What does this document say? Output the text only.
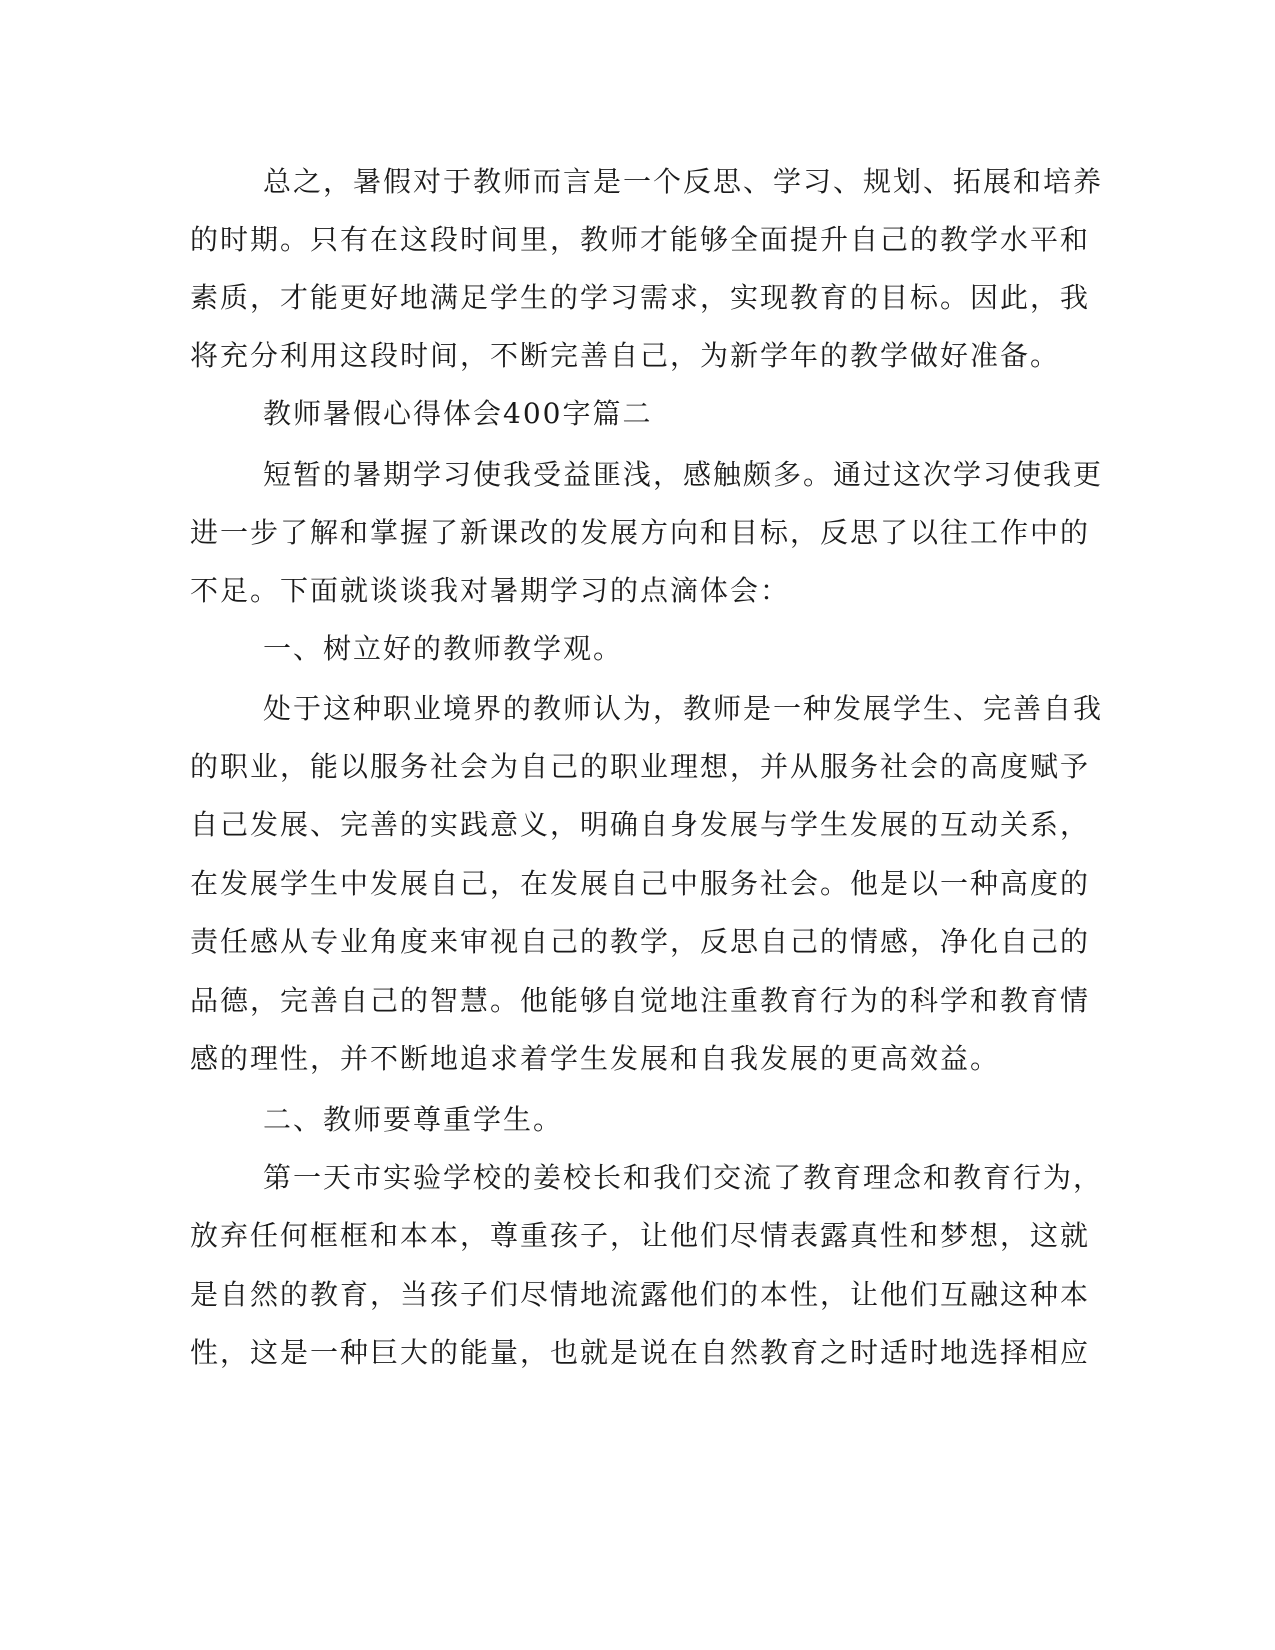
总之，暑假对于教师而言是一个反思、学习、规划、拓展和培养
的时期。只有在这段时间里，教师才能够全面提升自己的教学水平和
素质，才能更好地满足学生的学习需求，实现教育的目标。因此，我
将充分利用这段时间，不断完善自己，为新学年的教学做好准备。
教师暑假心得体会400字篇二
短暂的暑期学习使我受益匪浅，感触颇多。通过这次学习使我更
进一步了解和掌握了新课改的发展方向和目标，反思了以往工作中的
不足。下面就谈谈我对暑期学习的点滴体会：
一、树立好的教师教学观。
处于这种职业境界的教师认为，教师是一种发展学生、完善自我
的职业，能以服务社会为自己的职业理想，并从服务社会的高度赋予
自己发展、完善的实践意义，明确自身发展与学生发展的互动关系，
在发展学生中发展自己，在发展自己中服务社会。他是以一种高度的
责任感从专业角度来审视自己的教学，反思自己的情感，净化自己的
品德，完善自己的智慧。他能够自觉地注重教育行为的科学和教育情
感的理性，并不断地追求着学生发展和自我发展的更高效益。
二、教师要尊重学生。
第一天市实验学校的姜校长和我们交流了教育理念和教育行为，
放弃任何框框和本本，尊重孩子，让他们尽情表露真性和梦想，这就
是自然的教育，当孩子们尽情地流露他们的本性，让他们互融这种本
性，这是一种巨大的能量，也就是说在自然教育之时适时地选择相应
